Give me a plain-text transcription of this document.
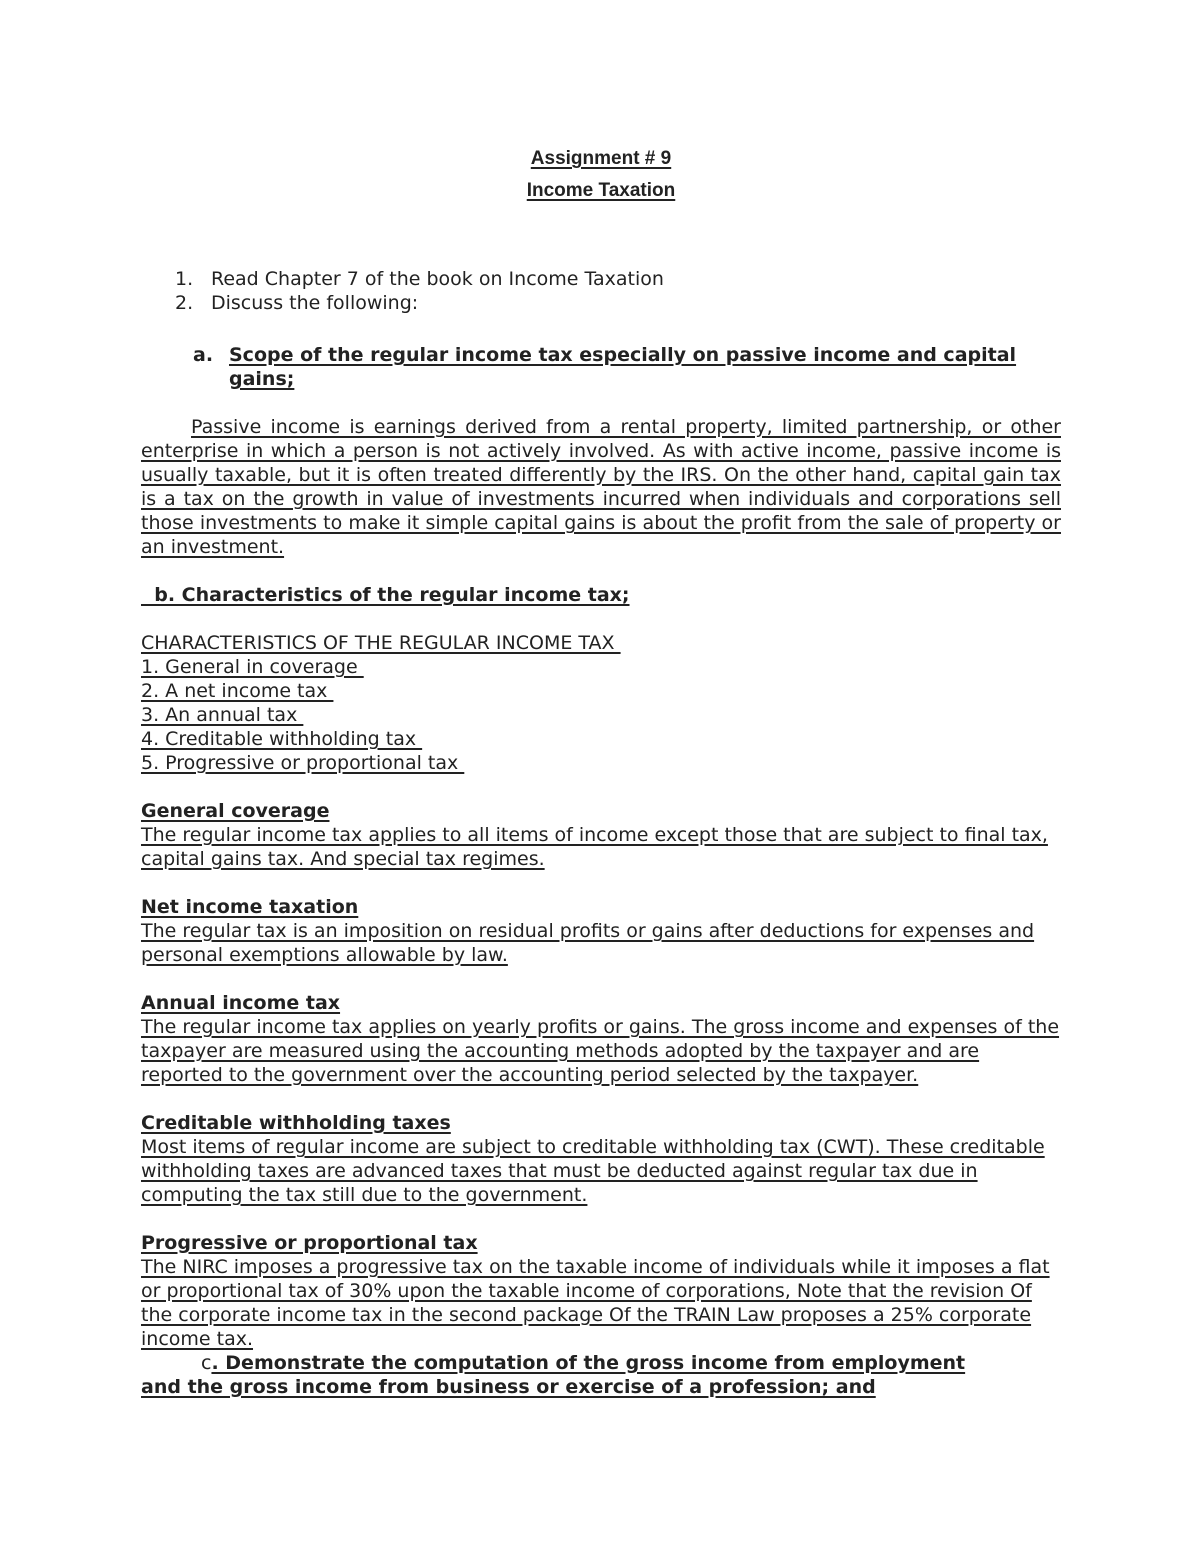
Assignment # 9
Income Taxation
1. Read Chapter 7 of the book on Income Taxation
2. Discuss the following:
a. Scope of the regular income tax especially on passive income and capital gains;
Passive income is earnings derived from a rental property, limited partnership, or other enterprise in which a person is not actively involved. As with active income, passive income is usually taxable, but it is often treated differently by the IRS. On the other hand, capital gain tax is a tax on the growth in value of investments incurred when individuals and corporations sell those investments to make it simple capital gains is about the profit from the sale of property or an investment.
b. Characteristics of the regular income tax;
CHARACTERISTICS OF THE REGULAR INCOME TAX
1. General in coverage
2. A net income tax
3. An annual tax
4. Creditable withholding tax
5. Progressive or proportional tax
General coverage
The regular income tax applies to all items of income except those that are subject to final tax, capital gains tax. And special tax regimes.
Net income taxation
The regular tax is an imposition on residual profits or gains after deductions for expenses and personal exemptions allowable by law.
Annual income tax
The regular income tax applies on yearly profits or gains. The gross income and expenses of the taxpayer are measured using the accounting methods adopted by the taxpayer and are reported to the government over the accounting period selected by the taxpayer.
Creditable withholding taxes
Most items of regular income are subject to creditable withholding tax (CWT). These creditable withholding taxes are advanced taxes that must be deducted against regular tax due in computing the tax still due to the government.
Progressive or proportional tax
The NIRC imposes a progressive tax on the taxable income of individuals while it imposes a flat or proportional tax of 30% upon the taxable income of corporations, Note that the revision Of the corporate income tax in the second package Of the TRAIN Law proposes a 25% corporate income tax.
c. Demonstrate the computation of the gross income from employment
and the gross income from business or exercise of a profession; and
